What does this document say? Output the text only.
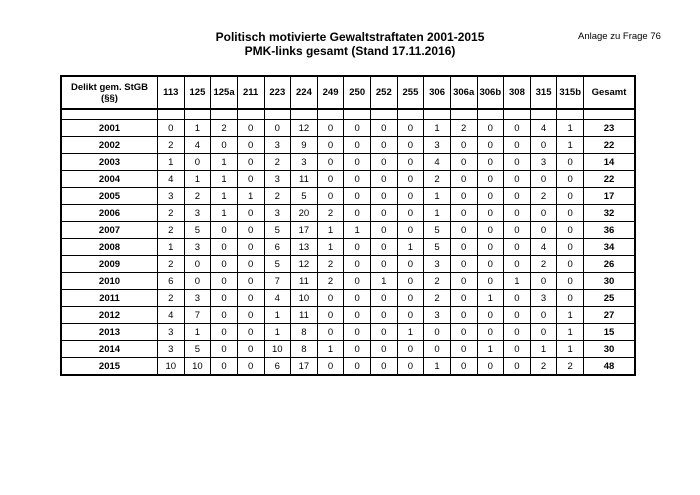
Anlage zu Frage 76
Politisch motivierte Gewaltstraftaten 2001-2015
PMK-links gesamt (Stand 17.11.2016)
Delikt gem. StGB (§§)	113	125	125a	211	223	224	249	250	252	255	306	306a	306b	308	315	315b	Gesamt

2001	0	1	2	0	0	12	0	0	0	0	1	2	0	0	4	1	23
2002	2	4	0	0	3	9	0	0	0	0	3	0	0	0	0	1	22
2003	1	0	1	0	2	3	0	0	0	0	4	0	0	0	3	0	14
2004	4	1	1	0	3	11	0	0	0	0	2	0	0	0	0	0	22
2005	3	2	1	1	2	5	0	0	0	0	1	0	0	0	2	0	17
2006	2	3	1	0	3	20	2	0	0	0	1	0	0	0	0	0	32
2007	2	5	0	0	5	17	1	1	0	0	5	0	0	0	0	0	36
2008	1	3	0	0	6	13	1	0	0	1	5	0	0	0	4	0	34
2009	2	0	0	0	5	12	2	0	0	0	3	0	0	0	2	0	26
2010	6	0	0	0	7	11	2	0	1	0	2	0	0	1	0	0	30
2011	2	3	0	0	4	10	0	0	0	0	2	0	1	0	3	0	25
2012	4	7	0	0	1	11	0	0	0	0	3	0	0	0	0	1	27
2013	3	1	0	0	1	8	0	0	0	1	0	0	0	0	0	1	15
2014	3	5	0	0	10	8	1	0	0	0	0	0	1	0	1	1	30
2015	10	10	0	0	6	17	0	0	0	0	1	0	0	0	2	2	48
